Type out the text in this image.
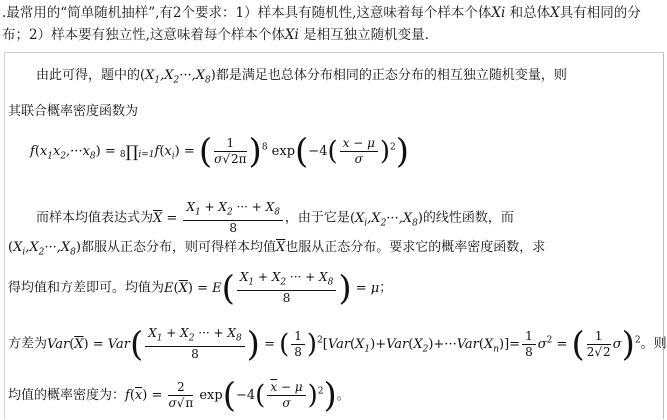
.最常用的“简单随机抽样”,有2个要求：1）样本具有随机性,这意味着每个样本个体Xi 和总体X具有相同的分布；2）样本要有独立性,这意味着每个样本个体Xi 是相互独立随机变量.
由此可得，题中的$(X_1,X_2\cdot\cdot\cdot,X_8)$都是满足也总体分布相同的正态分布的相互独立随机变量，则
其联合概率密度函数为
$f(x_1x_2,\cdot\cdot\cdot x_8)$ = $8\prod i=1f(x_i)$ = ( $\frac{1}{\sigma√2\pi} )^8$ $\exp(-4( \frac{x - \mu}{\sigma} )^2)$
而样本均值表达式为$\overline{X} = \frac{X_1 + X_2 \cdot\cdot\cdot + X_8}{8}$ ，由于它是$(X_i,X_2\cdot\cdot\cdot,X_8)$的线性函数，而
$(X_i,X_2\cdot\cdot\cdot,X_8)$都服从正态分布，则可得样本均值$\overline{X}$也服从正态分布。要求它的概率密度函数，求
得均值和方差即可。均值为$E(\overline{X}) = E( \frac{X_1 + X_2 \cdot\cdot\cdot + X_8}{8}$ ) = μ；
方差为$Var(\overline{X}) = Var( \frac{X_1 + X_2 \cdot\cdot\cdot + X_8}{8}$ ) = ( $\frac{1}{8} )^2[Var(X_1)+Var(X_2)+\cdot\cdot\cdot Var(X_n)]= \frac{1}{8} \sigma^2$ = ( $\frac{1}{2√2} \sigma)^2$。则
均值的概率密度为：$f(\overline{x}) = \frac{2}{\sigma√\pi} \exp(-4( \frac{\overline{x} - \mu}{\sigma} )^2)$。
